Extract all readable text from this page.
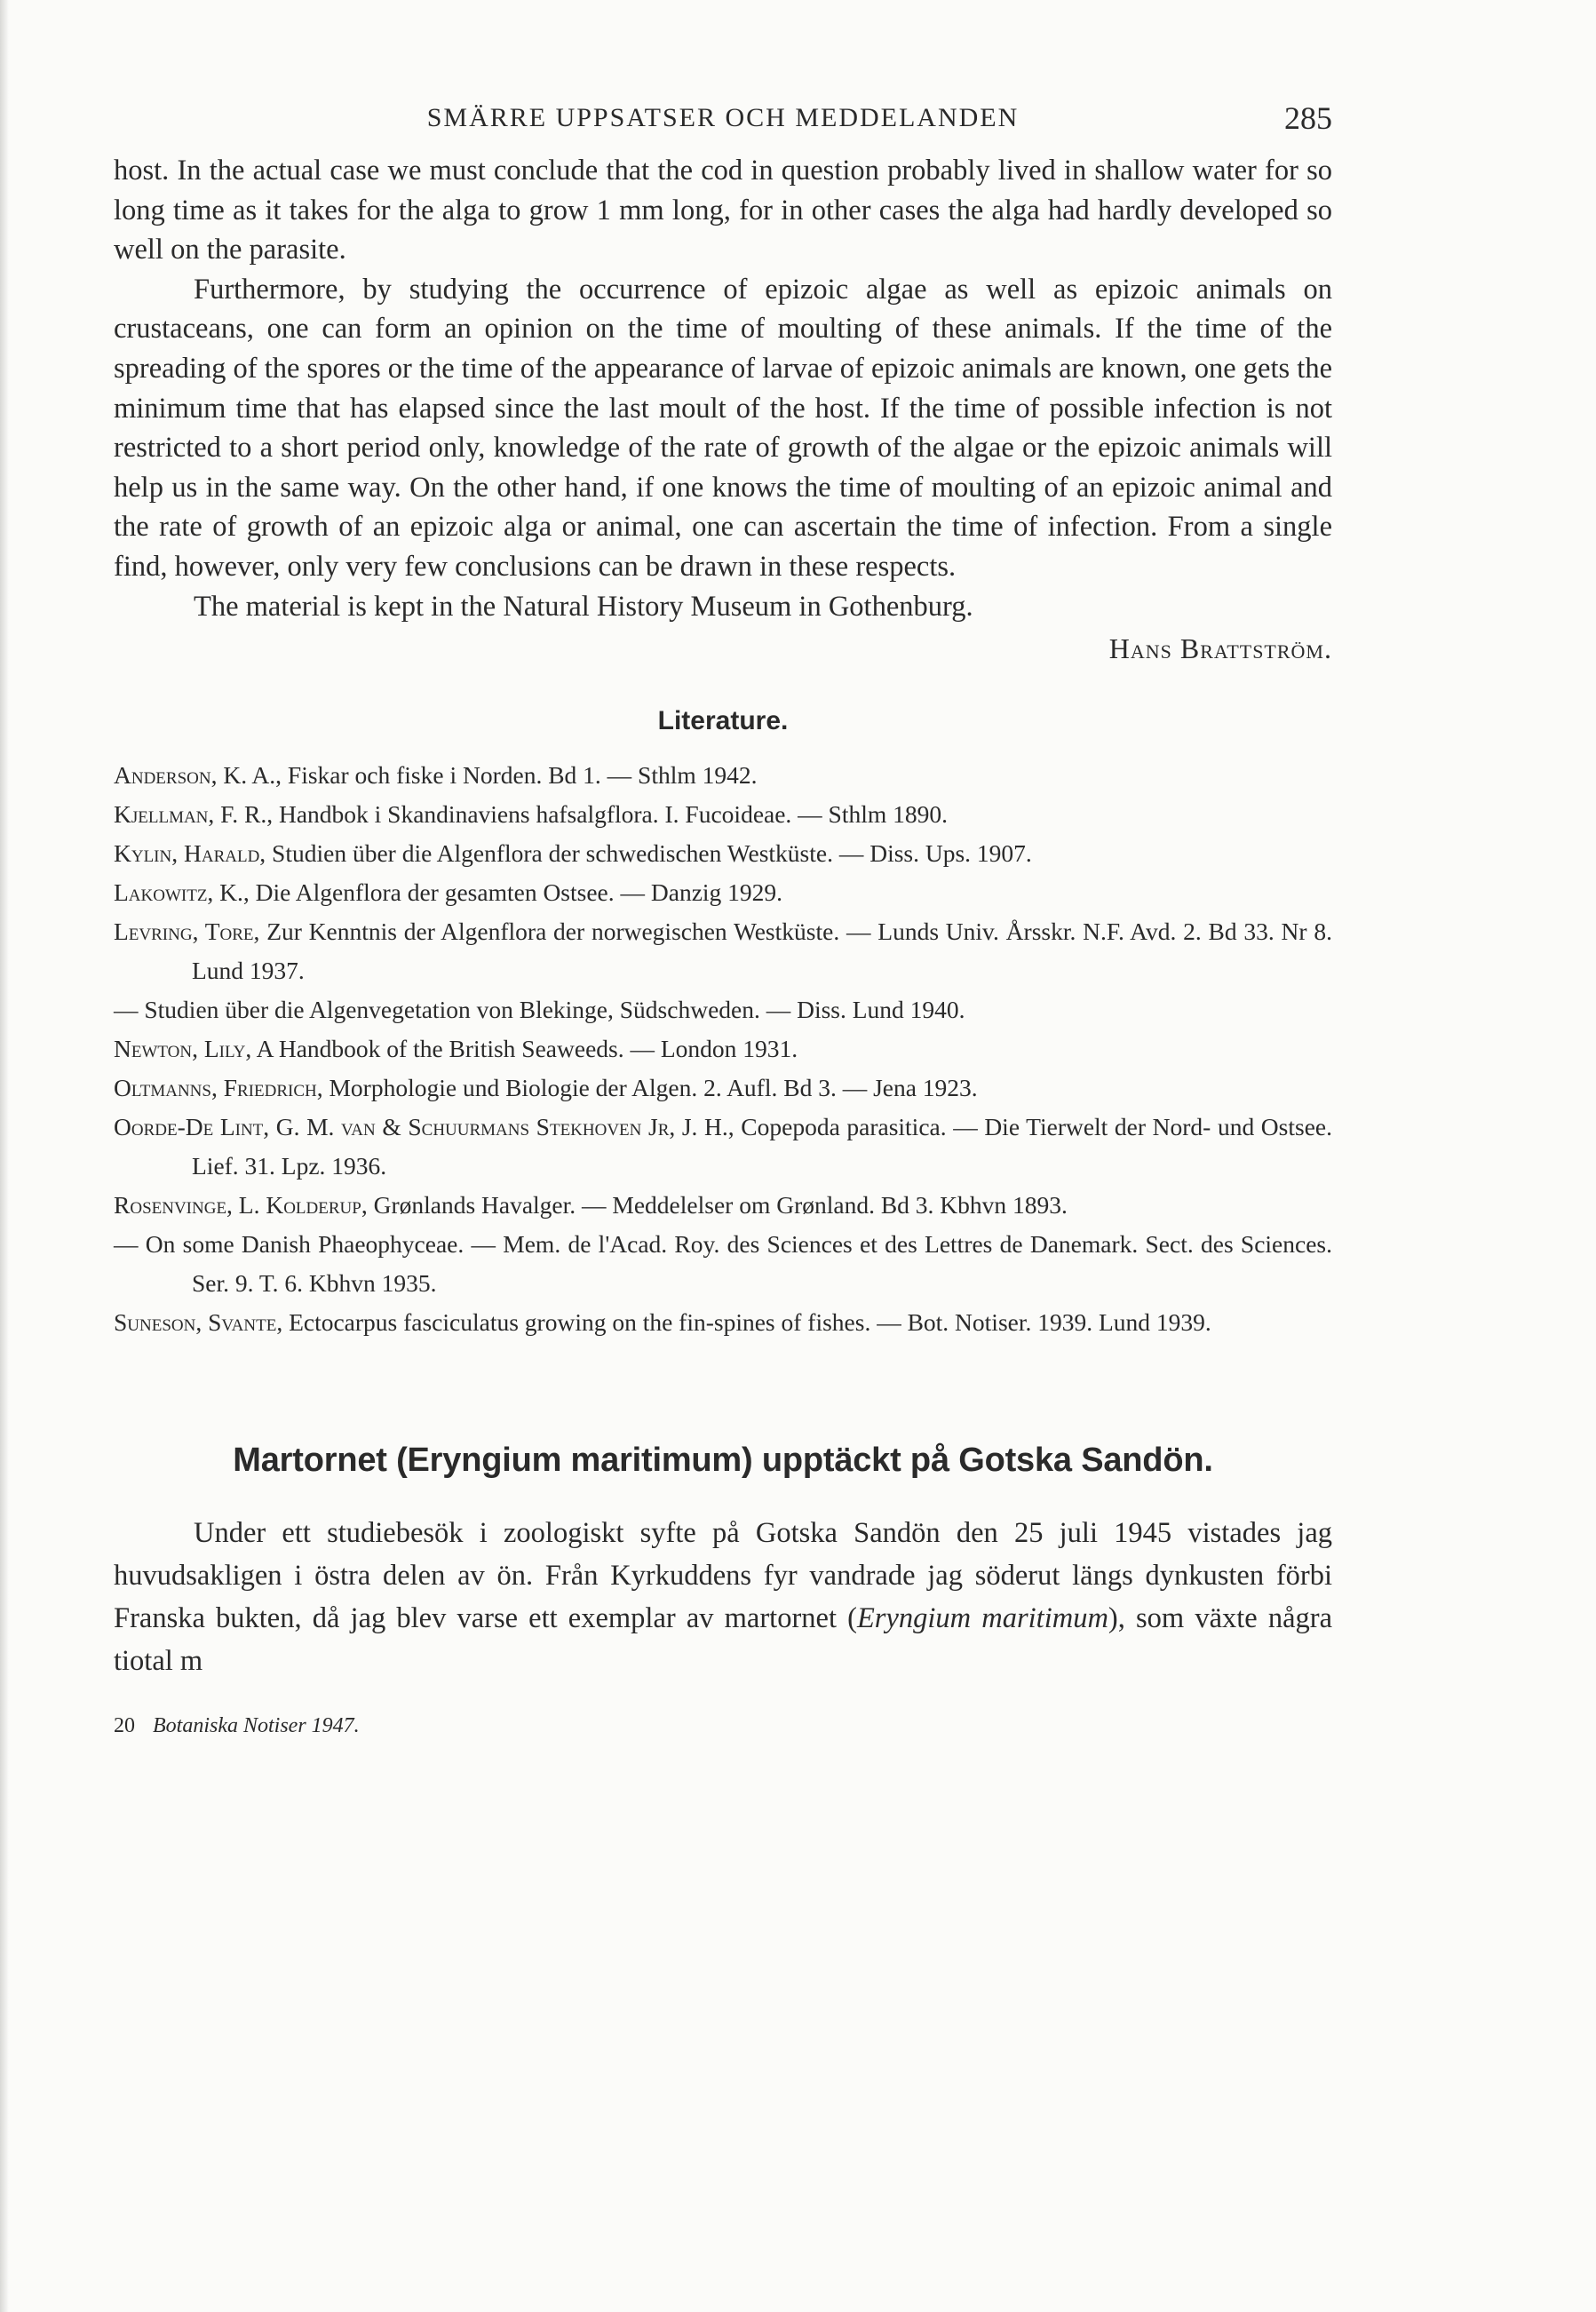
SMÄRRE UPPSATSER OCH MEDDELANDEN	285

host. In the actual case we must conclude that the cod in question probably lived in shallow water for so long time as it takes for the alga to grow 1 mm long, for in other cases the alga had hardly developed so well on the parasite.

Furthermore, by studying the occurrence of epizoic algae as well as epizoic animals on crustaceans, one can form an opinion on the time of moulting of these animals. If the time of the spreading of the spores or the time of the appearance of larvae of epizoic animals are known, one gets the minimum time that has elapsed since the last moult of the host. If the time of possible infection is not restricted to a short period only, knowledge of the rate of growth of the algae or the epizoic animals will help us in the same way. On the other hand, if one knows the time of moulting of an epizoic animal and the rate of growth of an epizoic alga or animal, one can ascertain the time of infection. From a single find, however, only very few conclusions can be drawn in these respects.

The material is kept in the Natural History Museum in Gothenburg.

Hans Brattström.
Literature.
Anderson, K. A., Fiskar och fiske i Norden. Bd 1. — Sthlm 1942.
Kjellman, F. R., Handbok i Skandinaviens hafsalgflora. I. Fucoideae. — Sthlm 1890.
Kylin, Harald, Studien über die Algenflora der schwedischen Westküste. — Diss. Ups. 1907.
Lakowitz, K., Die Algenflora der gesamten Ostsee. — Danzig 1929.
Levring, Tore, Zur Kenntnis der Algenflora der norwegischen Westküste. — Lunds Univ. Årsskr. N.F. Avd. 2. Bd 33. Nr 8. Lund 1937.
— Studien über die Algenvegetation von Blekinge, Südschweden. — Diss. Lund 1940.
Newton, Lily, A Handbook of the British Seaweeds. — London 1931.
Oltmanns, Friedrich, Morphologie und Biologie der Algen. 2. Aufl. Bd 3. — Jena 1923.
Oorde-De Lint, G. M. van & Schuurmans Stekhoven Jr, J. H., Copepoda parasitica. — Die Tierwelt der Nord- und Ostsee. Lief. 31. Lpz. 1936.
Rosenvinge, L. Kolderup, Grønlands Havalger. — Meddelelser om Grønland. Bd 3. Kbhvn 1893.
— On some Danish Phaeophyceae. — Mem. de l'Acad. Roy. des Sciences et des Lettres de Danemark. Sect. des Sciences. Ser. 9. T. 6. Kbhvn 1935.
Suneson, Svante, Ectocarpus fasciculatus growing on the fin-spines of fishes. — Bot. Notiser. 1939. Lund 1939.
Martornet (Eryngium maritimum) upptäckt på Gotska Sandön.

Under ett studiebesök i zoologiskt syfte på Gotska Sandön den 25 juli 1945 vistades jag huvudsakligen i östra delen av ön. Från Kyrkuddens fyr vandrade jag söderut längs dynkusten förbi Franska bukten, då jag blev varse ett exemplar av martornet (Eryngium maritimum), som växte några tiotal m

20 Botaniska Notiser 1947.
